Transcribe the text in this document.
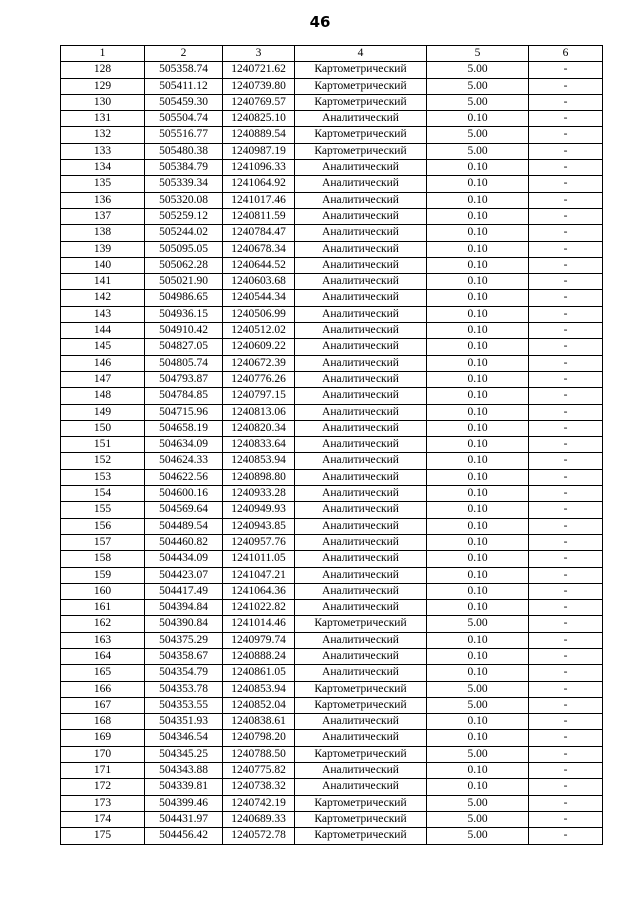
46
1	2	3	4	5	6
128	505358.74	1240721.62	Картометрический	5.00	-
129	505411.12	1240739.80	Картометрический	5.00	-
130	505459.30	1240769.57	Картометрический	5.00	-
131	505504.74	1240825.10	Аналитический	0.10	-
132	505516.77	1240889.54	Картометрический	5.00	-
133	505480.38	1240987.19	Картометрический	5.00	-
134	505384.79	1241096.33	Аналитический	0.10	-
135	505339.34	1241064.92	Аналитический	0.10	-
136	505320.08	1241017.46	Аналитический	0.10	-
137	505259.12	1240811.59	Аналитический	0.10	-
138	505244.02	1240784.47	Аналитический	0.10	-
139	505095.05	1240678.34	Аналитический	0.10	-
140	505062.28	1240644.52	Аналитический	0.10	-
141	505021.90	1240603.68	Аналитический	0.10	-
142	504986.65	1240544.34	Аналитический	0.10	-
143	504936.15	1240506.99	Аналитический	0.10	-
144	504910.42	1240512.02	Аналитический	0.10	-
145	504827.05	1240609.22	Аналитический	0.10	-
146	504805.74	1240672.39	Аналитический	0.10	-
147	504793.87	1240776.26	Аналитический	0.10	-
148	504784.85	1240797.15	Аналитический	0.10	-
149	504715.96	1240813.06	Аналитический	0.10	-
150	504658.19	1240820.34	Аналитический	0.10	-
151	504634.09	1240833.64	Аналитический	0.10	-
152	504624.33	1240853.94	Аналитический	0.10	-
153	504622.56	1240898.80	Аналитический	0.10	-
154	504600.16	1240933.28	Аналитический	0.10	-
155	504569.64	1240949.93	Аналитический	0.10	-
156	504489.54	1240943.85	Аналитический	0.10	-
157	504460.82	1240957.76	Аналитический	0.10	-
158	504434.09	1241011.05	Аналитический	0.10	-
159	504423.07	1241047.21	Аналитический	0.10	-
160	504417.49	1241064.36	Аналитический	0.10	-
161	504394.84	1241022.82	Аналитический	0.10	-
162	504390.84	1241014.46	Картометрический	5.00	-
163	504375.29	1240979.74	Аналитический	0.10	-
164	504358.67	1240888.24	Аналитический	0.10	-
165	504354.79	1240861.05	Аналитический	0.10	-
166	504353.78	1240853.94	Картометрический	5.00	-
167	504353.55	1240852.04	Картометрический	5.00	-
168	504351.93	1240838.61	Аналитический	0.10	-
169	504346.54	1240798.20	Аналитический	0.10	-
170	504345.25	1240788.50	Картометрический	5.00	-
171	504343.88	1240775.82	Аналитический	0.10	-
172	504339.81	1240738.32	Аналитический	0.10	-
173	504399.46	1240742.19	Картометрический	5.00	-
174	504431.97	1240689.33	Картометрический	5.00	-
175	504456.42	1240572.78	Картометрический	5.00	-
